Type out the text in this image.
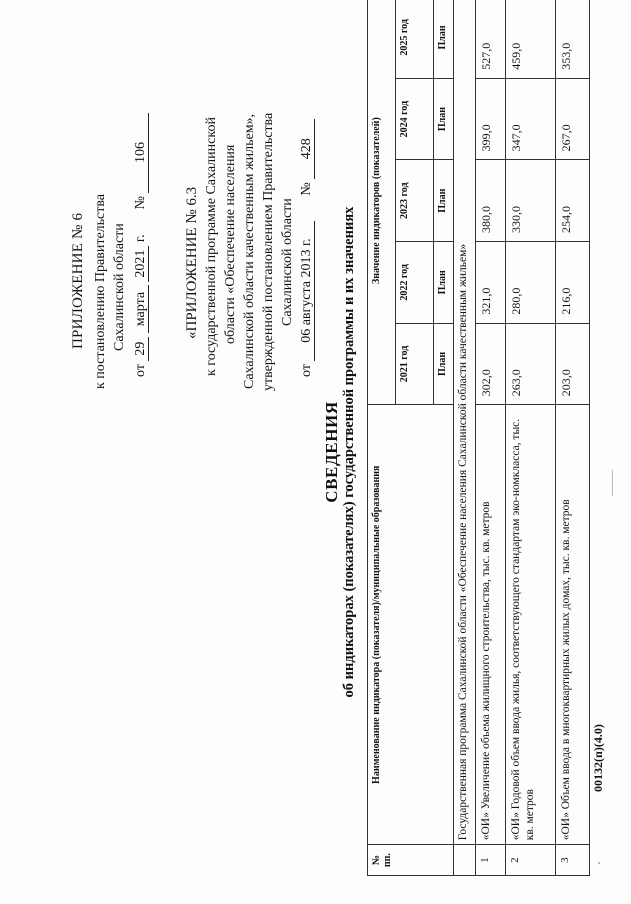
ПРИЛОЖЕНИЕ № 6 к постановлению Правительства Сахалинской области
от 29 марта 2021 г.  № 106
«ПРИЛОЖЕНИЕ № 6.3 к государственной программе Сахалинской области «Обеспечение населения Сахалинской области качественным жильем», утвержденной постановлением Правительства Сахалинской области
от 06 августа 2013 г.  № 428
СВЕДЕНИЯ об индикаторах (показателях) государственной программы и их значениях
№ пп.	Наименование индикатора (показателя)/муниципальные образования	Значение индикаторов (показателей)				
		2021 год	2022 год	2023 год	2024 год	2025 год
		План	План	План	План	План
	Государственная программа Сахалинской области «Обеспечение населения Сахалинской области качественным жильем»					
1	«ОИ» Увеличение объема жилищного строительства, тыс. кв. метров	302,0	321,0	380,0	399,0	527,0
2	«ОИ» Годовой объем ввода жилья, соответствующего стандартам эко-номкласса, тыс. кв. метров	263,0	280,0	330,0	347,0	459,0
3	«ОИ» Объем ввода в многоквартирных жилых домах, тыс. кв. метров	203,0	216,0	254,0	267,0	353,0
00132(п)(4.0)
